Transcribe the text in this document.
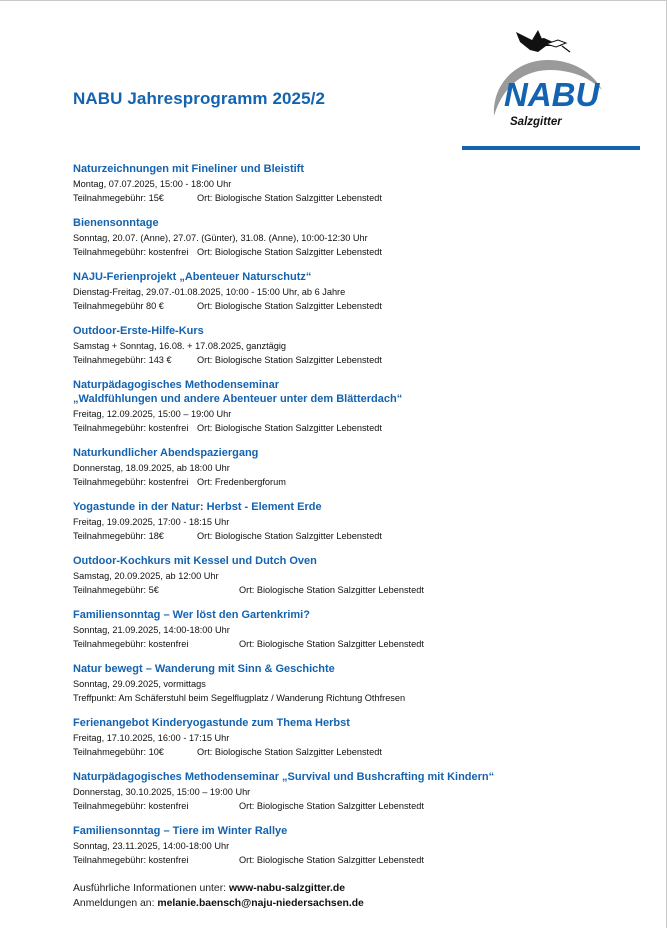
NABU Jahresprogramm 2025/2	NABU
Salzgitter
Naturzeichnungen mit Fineliner und Bleistift
Montag, 07.07.2025, 15:00 - 18:00 Uhr
Teilnahmegebühr: 15€	Ort: Biologische Station Salzgitter Lebenstedt
Bienensonntage
Sonntag, 20.07. (Anne), 27.07. (Günter), 31.08. (Anne), 10:00-12:30 Uhr
Teilnahmegebühr: kostenfrei Ort: Biologische Station Salzgitter Lebenstedt
NAJU-Ferienprojekt „Abenteuer Naturschutz“
Dienstag-Freitag, 29.07.-01.08.2025, 10:00 - 15:00 Uhr, ab 6 Jahre
Teilnahmegebühr 80 €	Ort: Biologische Station Salzgitter Lebenstedt
Outdoor-Erste-Hilfe-Kurs
Samstag + Sonntag, 16.08. + 17.08.2025, ganztägig
Teilnahmegebühr: 143 €	Ort: Biologische Station Salzgitter Lebenstedt
Naturpädagogisches Methodenseminar
„Waldfühlungen und andere Abenteuer unter dem Blätterdach“
Freitag, 12.09.2025, 15:00 – 19:00 Uhr
Teilnahmegebühr: kostenfrei Ort: Biologische Station Salzgitter Lebenstedt
Naturkundlicher Abendspaziergang
Donnerstag, 18.09.2025, ab 18:00 Uhr
Teilnahmegebühr: kostenfrei Ort: Fredenbergforum
Yogastunde in der Natur: Herbst - Element Erde
Freitag, 19.09.2025, 17:00 - 18:15 Uhr
Teilnahmegebühr: 18€	Ort: Biologische Station Salzgitter Lebenstedt
Outdoor-Kochkurs mit Kessel und Dutch Oven
Samstag, 20.09.2025, ab 12:00 Uhr
Teilnahmegebühr: 5€	Ort: Biologische Station Salzgitter Lebenstedt
Familiensonntag – Wer löst den Gartenkrimi?
Sonntag, 21.09.2025, 14:00-18:00 Uhr
Teilnahmegebühr: kostenfrei	Ort: Biologische Station Salzgitter Lebenstedt
Natur bewegt – Wanderung mit Sinn & Geschichte
Sonntag, 29.09.2025, vormittags
Treffpunkt: Am Schäferstuhl beim Segelflugplatz / Wanderung Richtung Othfresen
Ferienangebot Kinderyogastunde zum Thema Herbst
Freitag, 17.10.2025, 16:00 - 17:15 Uhr
Teilnahmegebühr: 10€	Ort: Biologische Station Salzgitter Lebenstedt
Naturpädagogisches Methodenseminar „Survival und Bushcrafting mit Kindern“
Donnerstag, 30.10.2025, 15:00 – 19:00 Uhr
Teilnahmegebühr: kostenfrei	Ort: Biologische Station Salzgitter Lebenstedt
Familiensonntag – Tiere im Winter Rallye
Sonntag, 23.11.2025, 14:00-18:00 Uhr
Teilnahmegebühr: kostenfrei	Ort: Biologische Station Salzgitter Lebenstedt
Ausführliche Informationen unter: www-nabu-salzgitter.de
Anmeldungen an: melanie.baensch@naju-niedersachsen.de
